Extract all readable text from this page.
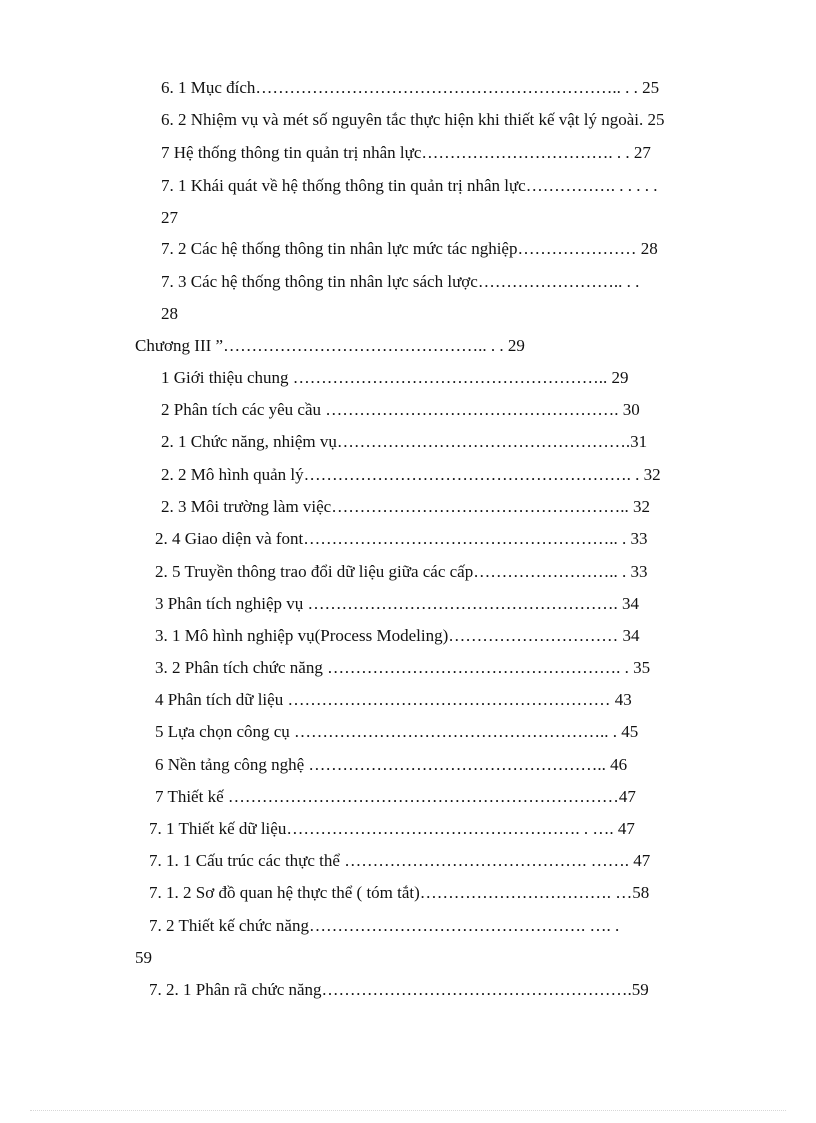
6. 1 Mục đích……………………………………………………….. . . 25
6. 2 Nhiệm vụ và mét số nguyên tắc thực hiện khi thiết kế vật lý ngoài. 25
7 Hệ thống thông tin quản trị nhân lực……………………………. . . 27
7. 1 Khái quát về hệ thống thông tin quản trị nhân lực……………. . . . . .
27
7. 2 Các hệ thống thông tin nhân lực mức tác nghiệp………………… 28
7. 3 Các hệ thống thông tin nhân lực sách lược…………………….. . .
28
Chương III ”……………………………………….. . . 29
1 Giới thiệu chung ……………………………………………….. 29
2 Phân tích các yêu cầu ……………………………………………. 30
2. 1 Chức năng, nhiệm vụ…………………………………………….31
2. 2 Mô hình quản lý…………………………………………………. . 32
2. 3 Môi trường làm việc…………………………………………….. 32
2. 4 Giao diện và font……………………………………………….. . 33
2. 5 Truyền thông trao đổi dữ liệu giữa các cấp…………………….. . 33
3 Phân tích nghiệp vụ ………………………………………………. 34
3. 1 Mô hình nghiệp vụ(Process Modeling)………………………… 34
3. 2 Phân tích chức năng ……………………………………………. . 35
4 Phân tích dữ liệu ………………………………………………… 43
5 Lựa chọn công cụ ……………………………………………….. . 45
6 Nền tảng công nghệ …………………………………………….. 46
7 Thiết kế ……………………………………………………………47
7. 1 Thiết kế dữ liệu……………………………………………. . …. 47
7. 1. 1 Cấu trúc các thực thể ……………………………………. ……. 47
7. 1. 2 Sơ đồ quan hệ thực thể ( tóm tắt)……………………………. …58
7. 2 Thiết kế chức năng…………………………………………. …. .
59
7. 2. 1 Phân rã chức năng……………………………………………….59
